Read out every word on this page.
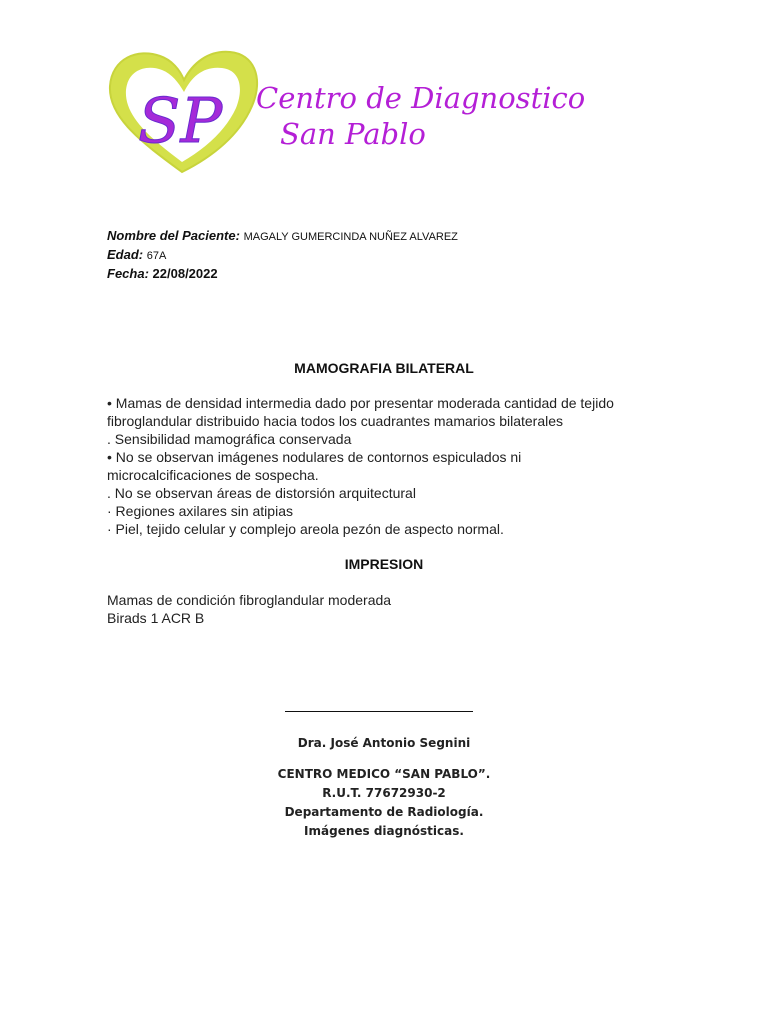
SP Centro de Diagnostico
San Pablo
Nombre del Paciente: MAGALY GUMERCINDA NUÑEZ ALVAREZ
Edad: 67A
Fecha: 22/08/2022
MAMOGRAFIA BILATERAL
• Mamas de densidad intermedia dado por presentar moderada cantidad de tejido
fibroglandular distribuido hacia todos los cuadrantes mamarios bilaterales
. Sensibilidad mamográfica conservada
• No se observan imágenes nodulares de contornos espiculados ni
microcalcificaciones de sospecha.
. No se observan áreas de distorsión arquitectural
· Regiones axilares sin atipias
· Piel, tejido celular y complejo areola pezón de aspecto normal.
IMPRESION
Mamas de condición fibroglandular moderada
Birads 1 ACR B
Dra. José Antonio Segnini
CENTRO MEDICO “SAN PABLO”.
R.U.T. 77672930-2
Departamento de Radiología.
Imágenes diagnósticas.
